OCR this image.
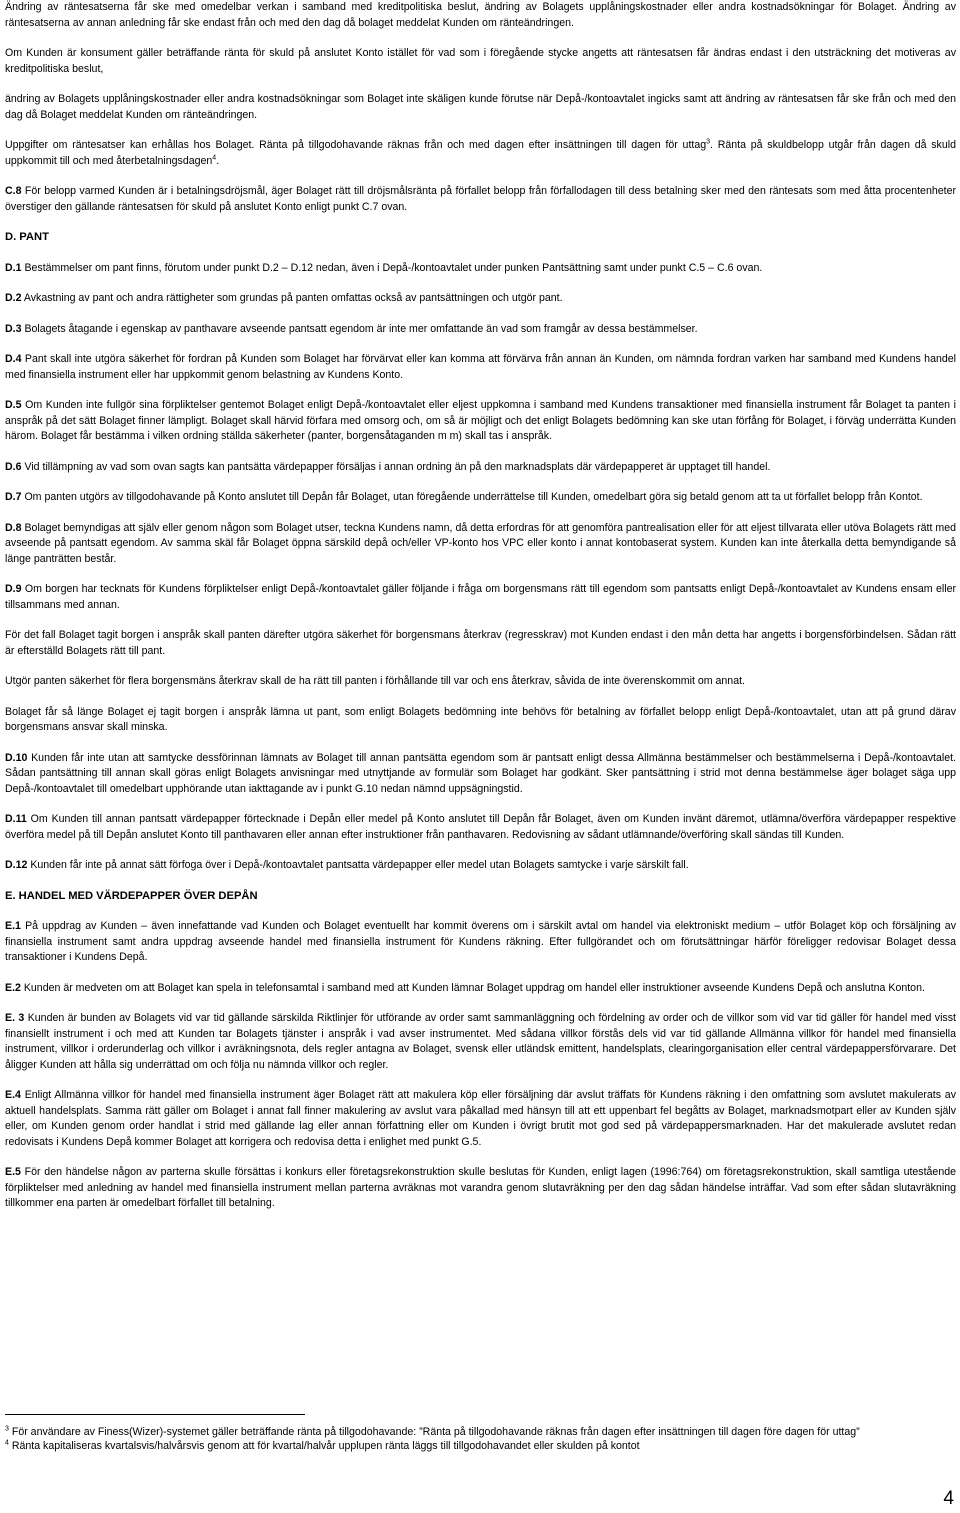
Ändring av räntesatserna får ske med omedelbar verkan i samband med kreditpolitiska beslut, ändring av Bolagets upplåningskostnader eller andra kostnadsökningar för Bolaget. Ändring av räntesatserna av annan anledning får ske endast från och med den dag då bolaget meddelat Kunden om ränteändringen.

Om Kunden är konsument gäller beträffande ränta för skuld på anslutet Konto istället för vad som i föregående stycke angetts att räntesatsen får ändras endast i den utsträckning det motiveras av kreditpolitiska beslut,

ändring av Bolagets upplåningskostnader eller andra kostnadsökningar som Bolaget inte skäligen kunde förutse när Depå-/kontoavtalet ingicks samt att ändring av räntesatsen får ske från och med den dag då Bolaget meddelat Kunden om ränteändringen.

Uppgifter om räntesatser kan erhållas hos Bolaget. Ränta på tillgodohavande räknas från och med dagen efter insättningen till dagen för uttag$^3$. Ränta på skuldbelopp utgår från dagen då skuld uppkommit till och med återbetalningsdagen$^4$.

C.8 För belopp varmed Kunden är i betalningsdröjsmål, äger Bolaget rätt till dröjsmålsränta på förfallet belopp från förfallodagen till dess betalning sker med den räntesats som med åtta procentenheter överstiger den gällande räntesatsen för skuld på anslutet Konto enligt punkt C.7 ovan.

D. PANT

D.1 Bestämmelser om pant finns, förutom under punkt D.2 – D.12 nedan, även i Depå-/kontoavtalet under punken Pantsättning samt under punkt C.5 – C.6 ovan.

D.2 Avkastning av pant och andra rättigheter som grundas på panten omfattas också av pantsättningen och utgör pant.

D.3 Bolagets åtagande i egenskap av panthavare avseende pantsatt egendom är inte mer omfattande än vad som framgår av dessa bestämmelser.

D.4 Pant skall inte utgöra säkerhet för fordran på Kunden som Bolaget har förvärvat eller kan komma att förvärva från annan än Kunden, om nämnda fordran varken har samband med Kundens handel med finansiella instrument eller har uppkommit genom belastning av Kundens Konto.

D.5 Om Kunden inte fullgör sina förpliktelser gentemot Bolaget enligt Depå-/kontoavtalet eller eljest uppkomna i samband med Kundens transaktioner med finansiella instrument får Bolaget ta panten i anspråk på det sätt Bolaget finner lämpligt. Bolaget skall härvid förfara med omsorg och, om så är möjligt och det enligt Bolagets bedömning kan ske utan förfång för Bolaget, i förväg underrätta Kunden härom. Bolaget får bestämma i vilken ordning ställda säkerheter (panter, borgensåtaganden m m) skall tas i anspråk.

D.6 Vid tillämpning av vad som ovan sagts kan pantsätta värdepapper försäljas i annan ordning än på den marknadsplats där värdepapperet är upptaget till handel.

D.7 Om panten utgörs av tillgodohavande på Konto anslutet till Depån får Bolaget, utan föregående underrättelse till Kunden, omedelbart göra sig betald genom att ta ut förfallet belopp från Kontot.

D.8 Bolaget bemyndigas att själv eller genom någon som Bolaget utser, teckna Kundens namn, då detta erfordras för att genomföra pantrealisation eller för att eljest tillvarata eller utöva Bolagets rätt med avseende på pantsatt egendom. Av samma skäl får Bolaget öppna särskild depå och/eller VP-konto hos VPC eller konto i annat kontobaserat system. Kunden kan inte återkalla detta bemyndigande så länge panträtten består.

D.9 Om borgen har tecknats för Kundens förpliktelser enligt Depå-/kontoavtalet gäller följande i fråga om borgensmans rätt till egendom som pantsatts enligt Depå-/kontoavtalet av Kundens ensam eller tillsammans med annan.

För det fall Bolaget tagit borgen i anspråk skall panten därefter utgöra säkerhet för borgensmans återkrav (regresskrav) mot Kunden endast i den mån detta har angetts i borgensförbindelsen. Sådan rätt är efterställd Bolagets rätt till pant.

Utgör panten säkerhet för flera borgensmäns återkrav skall de ha rätt till panten i förhållande till var och ens återkrav, såvida de inte överenskommit om annat.

Bolaget får så länge Bolaget ej tagit borgen i anspråk lämna ut pant, som enligt Bolagets bedömning inte behövs för betalning av förfallet belopp enligt Depå-/kontoavtalet, utan att på grund därav borgensmans ansvar skall minska.

D.10 Kunden får inte utan att samtycke dessförinnan lämnats av Bolaget till annan pantsätta egendom som är pantsatt enligt dessa Allmänna bestämmelser och bestämmelserna i Depå-/kontoavtalet. Sådan pantsättning till annan skall göras enligt Bolagets anvisningar med utnyttjande av formulär som Bolaget har godkänt. Sker pantsättning i strid mot denna bestämmelse äger bolaget säga upp Depå-/kontoavtalet till omedelbart upphörande utan iakttagande av i punkt G.10 nedan nämnd uppsägningstid.

D.11 Om Kunden till annan pantsatt värdepapper förtecknade i Depån eller medel på Konto anslutet till Depån får Bolaget, även om Kunden invänt däremot, utlämna/överföra värdepapper respektive överföra medel på till Depån anslutet Konto till panthavaren eller annan efter instruktioner från panthavaren. Redovisning av sådant utlämnande/överföring skall sändas till Kunden.

D.12 Kunden får inte på annat sätt förfoga över i Depå-/kontoavtalet pantsatta värdepapper eller medel utan Bolagets samtycke i varje särskilt fall.

E. HANDEL MED VÄRDEPAPPER ÖVER DEPÅN

E.1 På uppdrag av Kunden – även innefattande vad Kunden och Bolaget eventuellt har kommit överens om i särskilt avtal om handel via elektroniskt medium – utför Bolaget köp och försäljning av finansiella instrument samt andra uppdrag avseende handel med finansiella instrument för Kundens räkning. Efter fullgörandet och om förutsättningar härför föreligger redovisar Bolaget dessa transaktioner i Kundens Depå.

E.2 Kunden är medveten om att Bolaget kan spela in telefonsamtal i samband med att Kunden lämnar Bolaget uppdrag om handel eller instruktioner avseende Kundens Depå och anslutna Konton.

E. 3 Kunden är bunden av Bolagets vid var tid gällande särskilda Riktlinjer för utförande av order samt sammanläggning och fördelning av order och de villkor som vid var tid gäller för handel med visst finansiellt instrument i och med att Kunden tar Bolagets tjänster i anspråk i vad avser instrumentet. Med sådana villkor förstås dels vid var tid gällande Allmänna villkor för handel med finansiella instrument, villkor i orderunderlag och villkor i avräkningsnota, dels regler antagna av Bolaget, svensk eller utländsk emittent, handelsplats, clearingorganisation eller central värdepappersförvarare. Det åligger Kunden att hålla sig underrättad om och följa nu nämnda villkor och regler.

E.4 Enligt Allmänna villkor för handel med finansiella instrument äger Bolaget rätt att makulera köp eller försäljning där avslut träffats för Kundens räkning i den omfattning som avslutet makulerats av aktuell handelsplats. Samma rätt gäller om Bolaget i annat fall finner makulering av avslut vara påkallad med hänsyn till att ett uppenbart fel begåtts av Bolaget, marknadsmotpart eller av Kunden själv eller, om Kunden genom order handlat i strid med gällande lag eller annan författning eller om Kunden i övrigt brutit mot god sed på värdepappersmarknaden. Har det makulerade avslutet redan redovisats i Kundens Depå kommer Bolaget att korrigera och redovisa detta i enlighet med punkt G.5.

E.5 För den händelse någon av parterna skulle försättas i konkurs eller företagsrekonstruktion skulle beslutas för Kunden, enligt lagen (1996:764) om företagsrekonstruktion, skall samtliga utestående förpliktelser med anledning av handel med finansiella instrument mellan parterna avräknas mot varandra genom slutavräkning per den dag sådan händelse inträffar. Vad som efter sådan slutavräkning tillkommer ena parten är omedelbart förfallet till betalning.

$^3$ För användare av Finess(Wizer)-systemet gäller beträffande ränta på tillgodohavande: ”Ränta på tillgodohavande räknas från dagen efter insättningen till dagen före dagen för uttag”

$^4$ Ränta kapitaliseras kvartalsvis/halvårsvis genom att för kvartal/halvår upplupen ränta läggs till tillgodohavandet eller skulden på kontot

4
